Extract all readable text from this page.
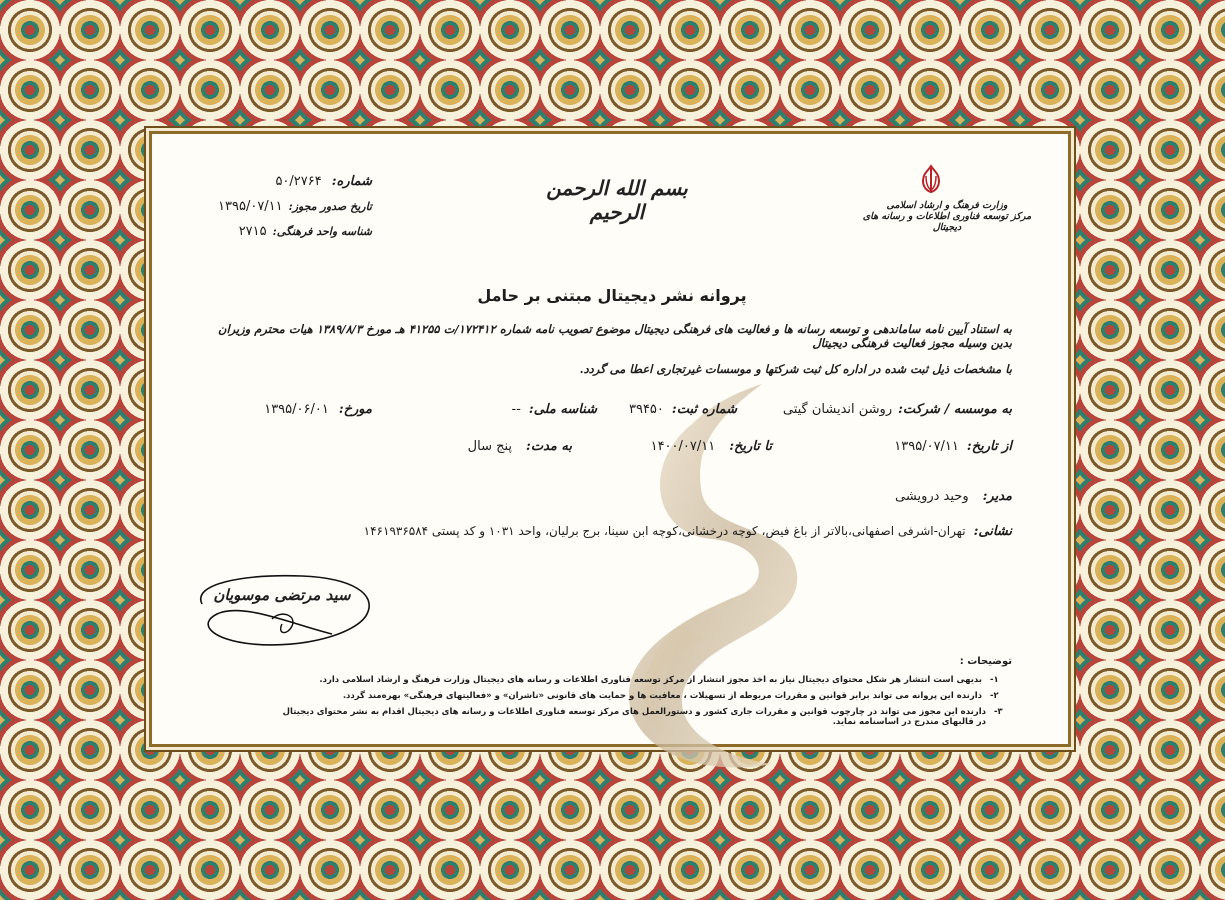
وزارت فرهنگ و ارشاد اسلامی
مرکز توسعه فناوری اطلاعات و رسانه های دیجیتال
بسم الله الرحمن الرحیم
شماره:
۵۰/۲۷۶۴
تاریخ صدور مجوز:
۱۳۹۵/۰۷/۱۱
شناسه واحد فرهنگی:
۲۷۱۵
پروانه نشر دیجیتال مبتنی بر حامل
به استناد آیین نامه ساماندهی و توسعه رسانه ها و فعالیت های فرهنگی دیجیتال موضوع تصویب نامه شماره ۱۷۲۴۱۲/ت ۴۱۲۵۵ هـ مورخ ۱۳۸۹/۸/۳ هیات محترم وزیران بدین وسیله مجوز فعالیت فرهنگی دیجیتال
با مشخصات ذیل ثبت شده در اداره کل ثبت شرکتها و موسسات غیرتجاری اعطا می گردد.
به موسسه / شرکت:
روشن اندیشان گیتی
شماره ثبت:
۳۹۴۵۰
شناسه ملی:
--
مورخ:
۱۳۹۵/۰۶/۰۱
از تاریخ:
۱۳۹۵/۰۷/۱۱
تا تاریخ:
۱۴۰۰/۰۷/۱۱
به مدت:
پنج سال
مدیر:
وحید درویشی
نشانی:
تهران-اشرفی اصفهانی،بالاتر از باغ فیض، کوچه درخشانی،کوچه ابن سینا، برج برلیان، واحد ۱۰۳۱ و کد پستی ۱۴۶۱۹۳۶۵۸۴
سید مرتضی موسویان
توضیحات :
۱-
بدیهی است انتشار هر شکل محتوای دیجیتال نیاز به اخذ مجوز انتشار از مرکز توسعه فناوری اطلاعات و رسانه های دیجیتال وزارت فرهنگ و ارشاد اسلامی دارد.
۲-
دارنده این پروانه می تواند برابر قوانین و مقررات مربوطه از تسهیلات ، معافیت ها و حمایت های قانونی «ناشران» و «فعالیتهای فرهنگی» بهره‌مند گردد.
۳-
دارنده این مجوز می تواند در چارچوب قوانین و مقررات جاری کشور و دستورالعمل های مرکز توسعه فناوری اطلاعات و رسانه های دیجیتال اقدام به نشر محتوای دیجیتال در قالبهای مندرج در اساسنامه نماید.
